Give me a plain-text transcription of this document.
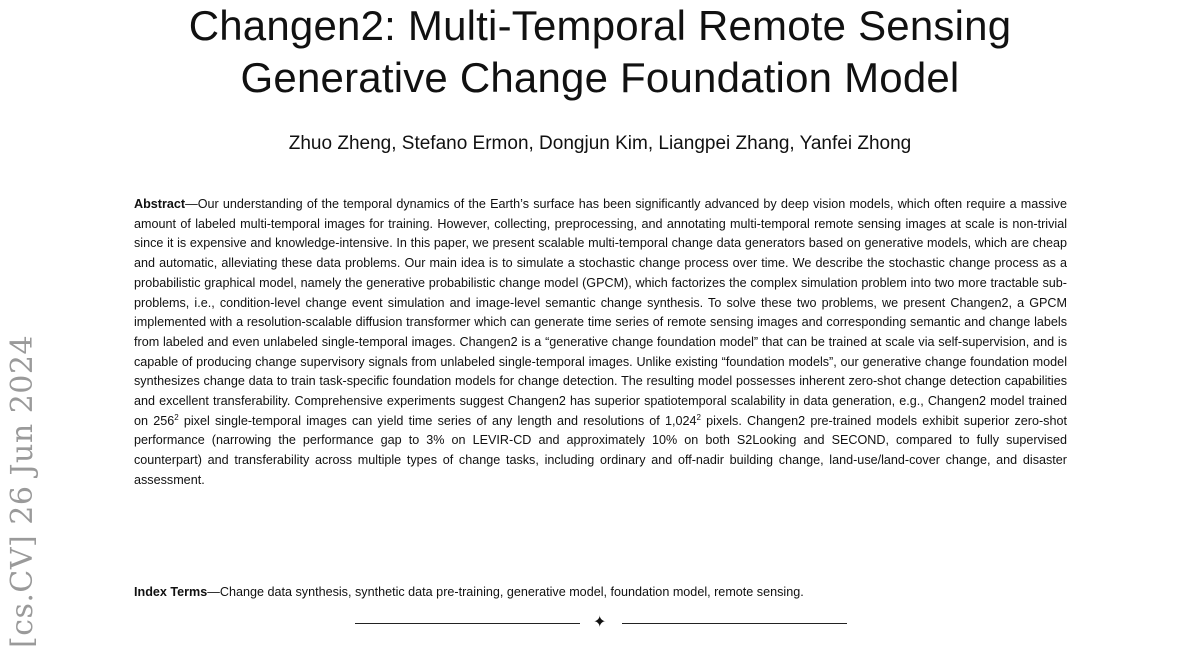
Changen2: Multi-Temporal Remote Sensing
Generative Change Foundation Model

Zhuo Zheng, Stefano Ermon, Dongjun Kim, Liangpei Zhang, Yanfei Zhong

Abstract—Our understanding of the temporal dynamics of the Earth’s surface has been significantly advanced by deep vision models, which often require a massive amount of labeled multi-temporal images for training. However, collecting, preprocessing, and annotating multi-temporal remote sensing images at scale is non-trivial since it is expensive and knowledge-intensive. In this paper, we present scalable multi-temporal change data generators based on generative models, which are cheap and automatic, alleviating these data problems. Our main idea is to simulate a stochastic change process over time. We describe the stochastic change process as a probabilistic graphical model, namely the generative probabilistic change model (GPCM), which factorizes the complex simulation problem into two more tractable sub-problems, i.e., condition-level change event simulation and image-level semantic change synthesis. To solve these two problems, we present Changen2, a GPCM implemented with a resolution-scalable diffusion transformer which can generate time series of remote sensing images and corresponding semantic and change labels from labeled and even unlabeled single-temporal images. Changen2 is a “generative change foundation model” that can be trained at scale via self-supervision, and is capable of producing change supervisory signals from unlabeled single-temporal images. Unlike existing “foundation models”, our generative change foundation model synthesizes change data to train task-specific foundation models for change detection. The resulting model possesses inherent zero-shot change detection capabilities and excellent transferability. Comprehensive experiments suggest Changen2 has superior spatiotemporal scalability in data generation, e.g., Changen2 model trained on $256^2$ pixel single-temporal images can yield time series of any length and resolutions of 1,024$^2$ pixels. Changen2 pre-trained models exhibit superior zero-shot performance (narrowing the performance gap to 3% on LEVIR-CD and approximately 10% on both S2Looking and SECOND, compared to fully supervised counterpart) and transferability across multiple types of change tasks, including ordinary and off-nadir building change, land-use/land-cover change, and disaster assessment.

Index Terms—Change data synthesis, synthetic data pre-training, generative model, foundation model, remote sensing.

✦
[cs.CV] 26 Jun 2024
